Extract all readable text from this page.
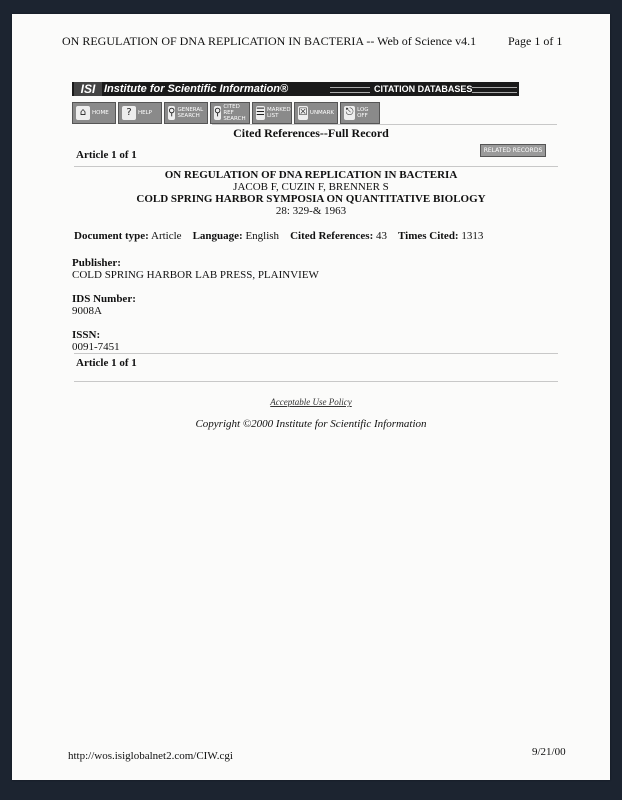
ON REGULATION OF DNA REPLICATION IN BACTERIA -- Web of Science v4.1	Page 1 of 1
ISI Institute for Scientific Information®	CITATION DATABASES
⌂	HOME	?	HELP ⚲ GENERAL SEARCH	⚲ CITED REF SEARCH
☰ MARKED LIST	☒ UNMARK ⎋ LOG OFF
Cited References--Full Record
RELATED RECORDS
Article 1 of 1
ON REGULATION OF DNA REPLICATION IN BACTERIA
JACOB F, CUZIN F, BRENNER S
COLD SPRING HARBOR SYMPOSIA ON QUANTITATIVE BIOLOGY
28: 329-& 1963
Document type: Article Language: English Cited References: 43 Times Cited: 1313
Publisher:
COLD SPRING HARBOR LAB PRESS, PLAINVIEW
IDS Number:
9008A
ISSN:
0091-7451
Article 1 of 1
Acceptable Use Policy
Copyright ©2000 Institute for Scientific Information
http://wos.isiglobalnet2.com/CIW.cgi	9/21/00
